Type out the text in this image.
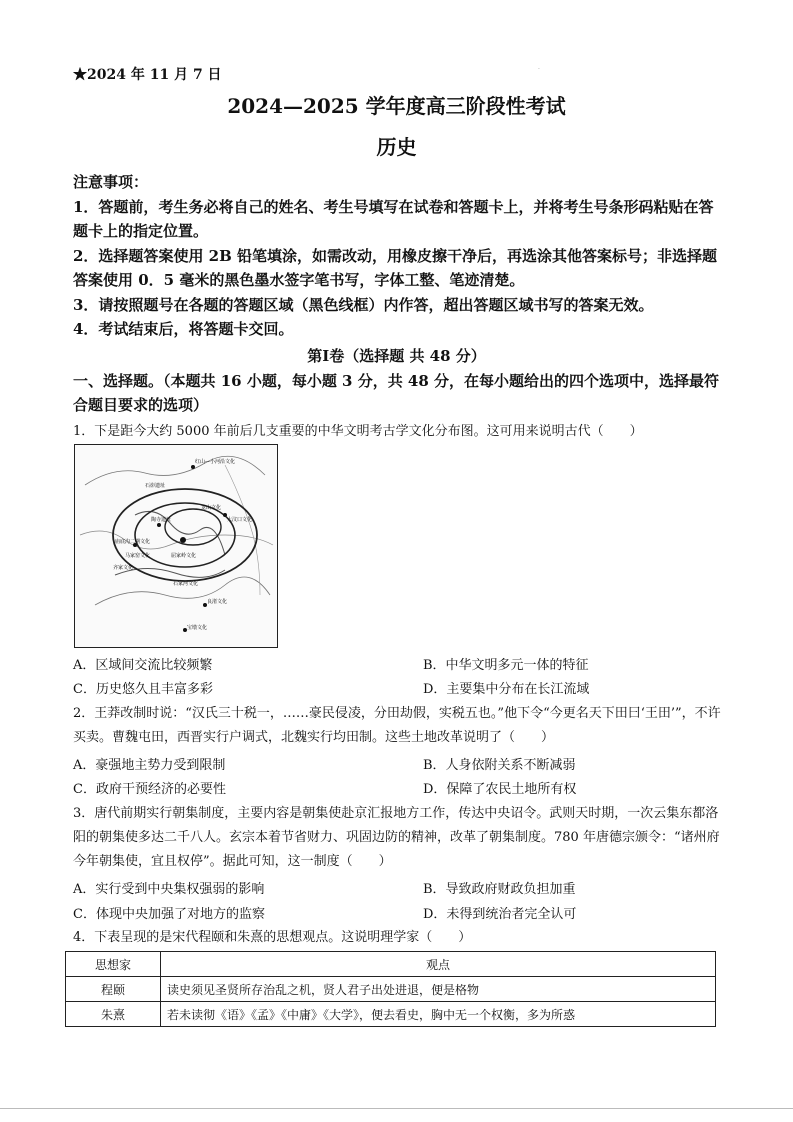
·
★2024 年 11 月 7 日
2024—2025 学年度高三阶段性考试
历史

注意事项：

1．答题前，考生务必将自己的姓名、考生号填写在试卷和答题卡上，并将考生号条形码粘贴在答题卡上的指定位置。

2．选择题答案使用 2B 铅笔填涂，如需改动，用橡皮擦干净后，再选涂其他答案标号；非选择题答案使用 0．5 毫米的黑色墨水签字笔书写，字体工整、笔迹清楚。

3．请按照题号在各题的答题区域（黑色线框）内作答，超出答题区域书写的答案无效。

4．考试结束后，将答题卡交回。

第Ⅰ卷（选择题 共 48 分）

一、选择题。（本题共 16 小题，每小题 3 分，共 48 分，在每小题给出的四个选项中，选择最符合题目要求的选项）

1．下是距今大约 5000 年前后几支重要的中华文明考古学文化分布图。这可用来说明古代（　　）

红山—小河沿文化
石峁遗址
龙山文化
大汶口文化
陶寺遗址
庙底沟二期文化
齐家文化
屈家岭文化
良渚文化
宝墩文化
石家河文化
马家窑文化
A．区域间交流比较频繁	B．中华文明多元一体的特征
C．历史悠久且丰富多彩	D．主要集中分布在长江流域

2．王莽改制时说：“汉氏三十税一，……豪民侵凌，分田劫假，实税五也。”他下令“今更名天下田曰‘王田’”，不许买卖。曹魏屯田，西晋实行户调式，北魏实行均田制。这些土地改革说明了（　　）

A．豪强地主势力受到限制	B．人身依附关系不断减弱
C．政府干预经济的必要性	D．保障了农民土地所有权

3．唐代前期实行朝集制度，主要内容是朝集使赴京汇报地方工作，传达中央诏令。武则天时期，一次云集东都洛阳的朝集使多达二千八人。玄宗本着节省财力、巩固边防的精神，改革了朝集制度。780 年唐德宗颁令：“诸州府今年朝集使，宜且权停”。据此可知，这一制度（　　）

A．实行受到中央集权强弱的影响	B．导致政府财政负担加重
C．体现中央加强了对地方的监察	D．未得到统治者完全认可

4．下表呈现的是宋代程颐和朱熹的思想观点。这说明理学家（　　）

思想家	观点
程颐	读史须见圣贤所存治乱之机，贤人君子出处进退，便是格物
朱熹	若未读彻《语》《孟》《中庸》《大学》，便去看史，胸中无一个权衡，多为所惑
